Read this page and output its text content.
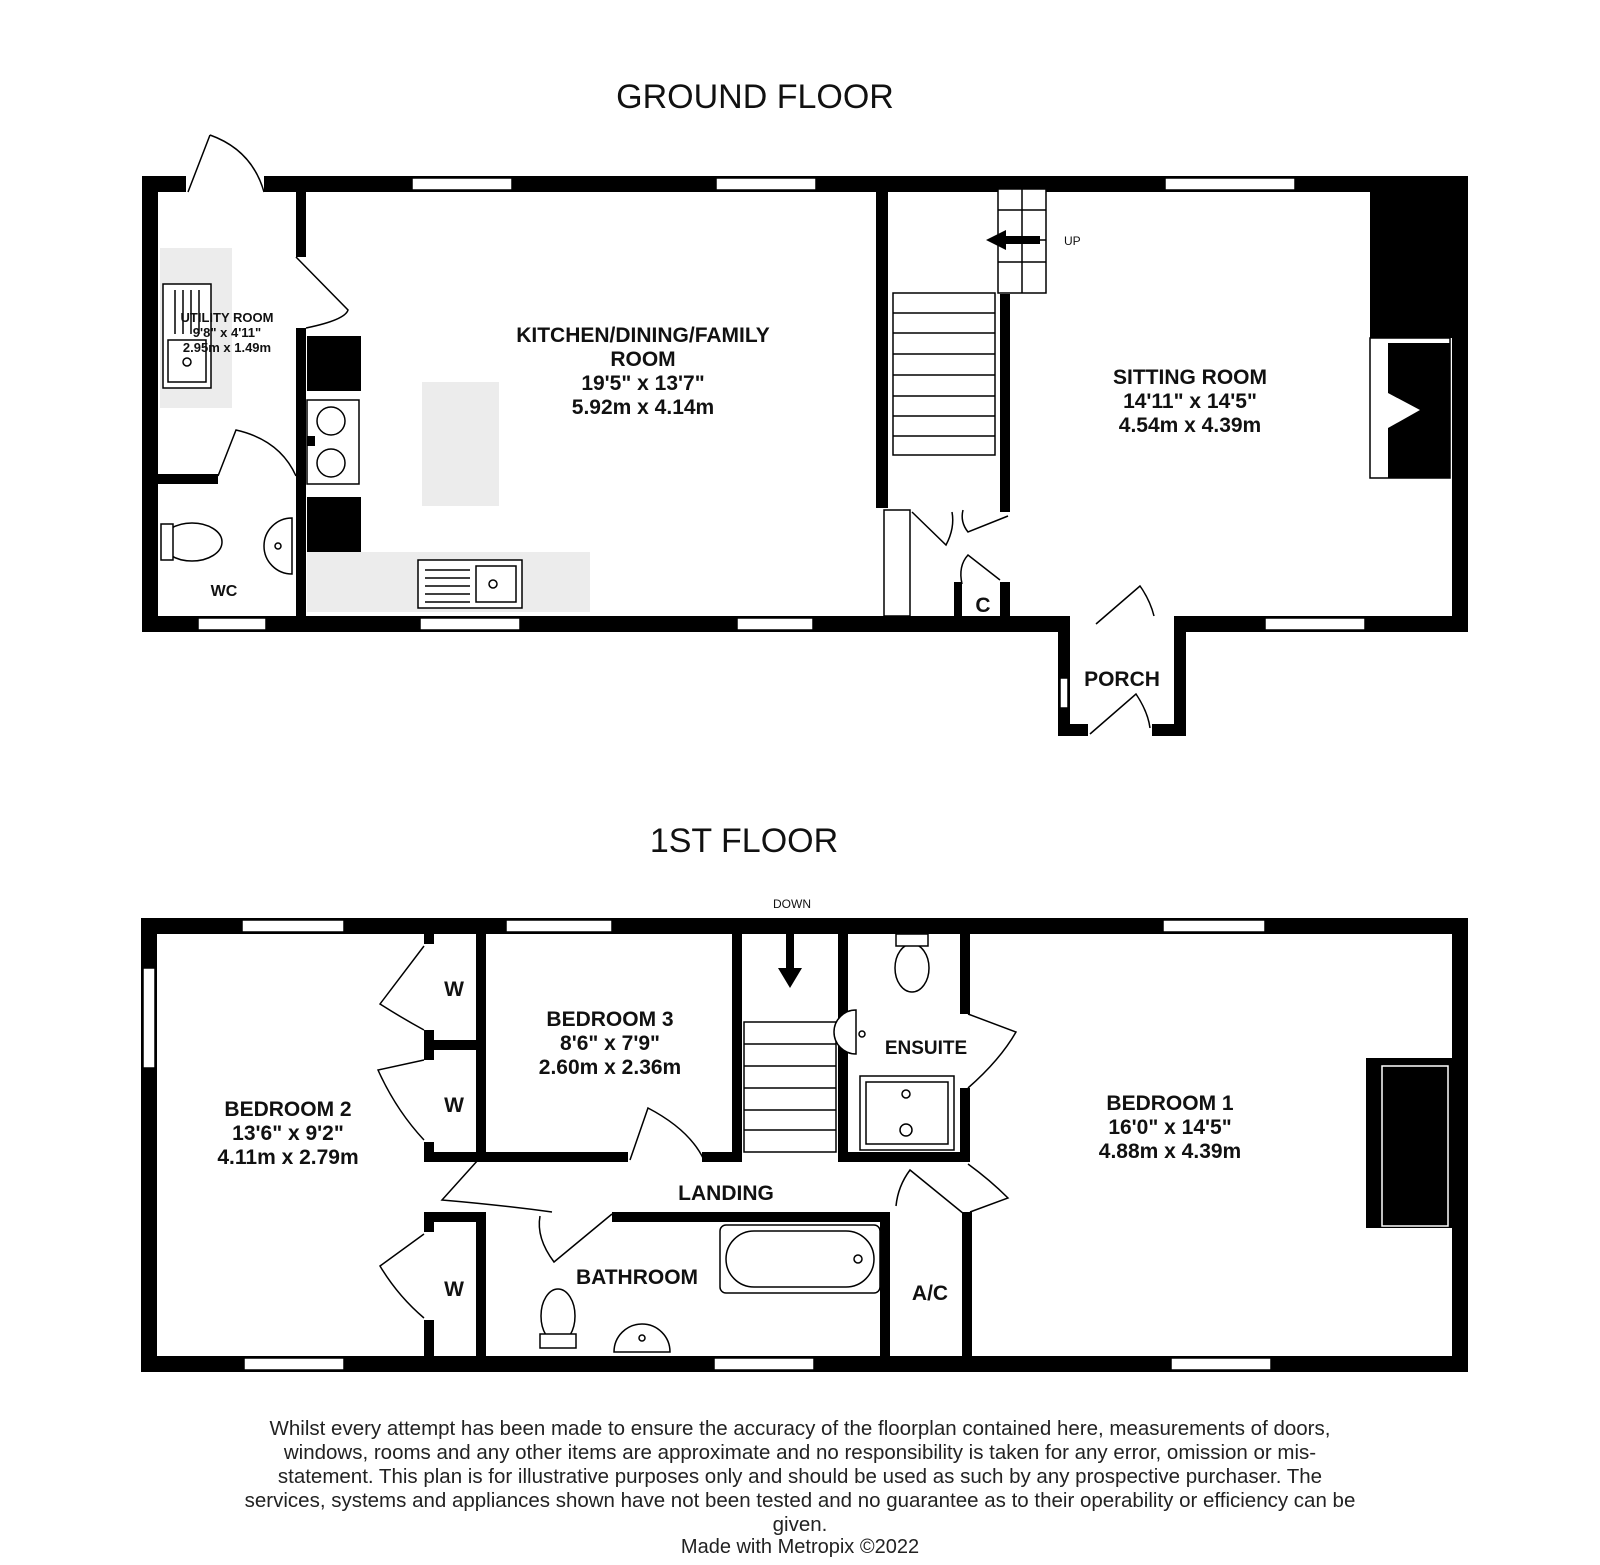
GROUND FLOOR
UP
C
UTILITY ROOM
9'8" x 4'11"
2.95m x 1.49m
KITCHEN/DINING/FAMILY
ROOM
19'5" x 13'7"
5.92m x 4.14m
SITTING ROOM
14'11" x 14'5"
4.54m x 4.39m
WC
PORCH
1ST FLOOR
DOWN
BEDROOM 2
13'6" x 9'2"
4.11m x 2.79m
BEDROOM 3
8'6" x 7'9"
2.60m x 2.36m
BEDROOM 1
16'0" x 14'5"
4.88m x 4.39m
ENSUITE
LANDING
BATHROOM
A/C
W
W
W
Whilst every attempt has been made to ensure the accuracy of the floorplan contained here, measurements of doors, windows, rooms and any other items are approximate and no responsibility is taken for any error, omission or mis-statement. This plan is for illustrative purposes only and should be used as such by any prospective purchaser. The services, systems and appliances shown have not been tested and no guarantee as to their operability or efficiency can be given.
Made with Metropix ©2022
